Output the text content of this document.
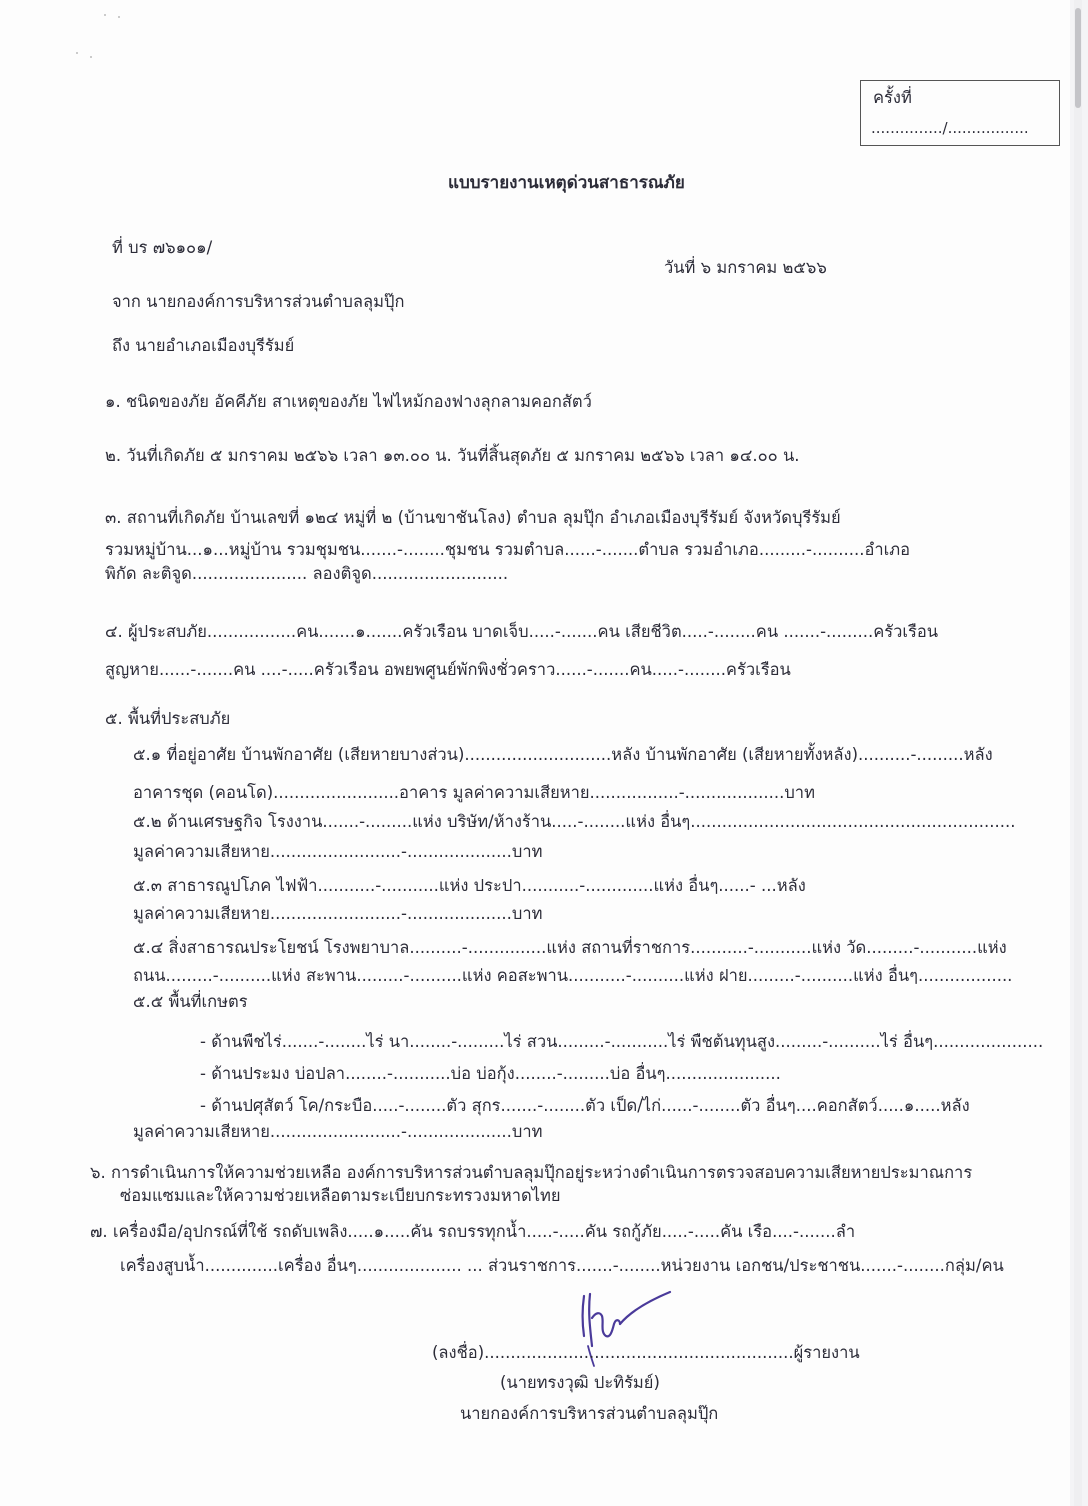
ครั้งที่
.............../.................
แบบรายงานเหตุด่วนสาธารณภัย
ที่ บร ๗๖๑๐๑/
วันที่ ๖ มกราคม ๒๕๖๖
จาก นายกองค์การบริหารส่วนตำบลลุมปุ๊ก
ถึง นายอำเภอเมืองบุรีรัมย์
๑. ชนิดของภัย อัคคีภัย สาเหตุของภัย ไฟไหม้กองฟางลุกลามคอกสัตว์
๒. วันที่เกิดภัย ๕ มกราคม ๒๕๖๖ เวลา ๑๓.๐๐ น. วันที่สิ้นสุดภัย ๕ มกราคม ๒๕๖๖ เวลา ๑๔.๐๐ น.
๓. สถานที่เกิดภัย บ้านเลขที่ ๑๒๔ หมู่ที่ ๒ (บ้านขาชันโลง) ตำบล ลุมปุ๊ก อำเภอเมืองบุรีรัมย์ จังหวัดบุรีรัมย์
รวมหมู่บ้าน...๑...หมู่บ้าน รวมชุมชน.......-........ชุมชน รวมตำบล......-.......ตำบล รวมอำเภอ.........-..........อำเภอ
พิกัด ละติจูด...................... ลองติจูด..........................
๔. ผู้ประสบภัย.................คน.......๑.......ครัวเรือน บาดเจ็บ.....-.......คน เสียชีวิต.....-........คน .......-.........ครัวเรือน
สูญหาย......-.......คน ....-.....ครัวเรือน อพยพศูนย์พักพิงชั่วคราว......-.......คน.....-........ครัวเรือน
๕. พื้นที่ประสบภัย
๕.๑ ที่อยู่อาศัย บ้านพักอาศัย (เสียหายบางส่วน)............................หลัง บ้านพักอาศัย (เสียหายทั้งหลัง)..........-.........หลัง
อาคารชุด (คอนโด)........................อาคาร มูลค่าความเสียหาย.................-...................บาท
๕.๒ ด้านเศรษฐกิจ โรงงาน.......-.........แห่ง บริษัท/ห้างร้าน.....-........แห่ง อื่นๆ..............................................................
มูลค่าความเสียหาย.........................-....................บาท
๕.๓ สาธารณูปโภค ไฟฟ้า...........-...........แห่ง ประปา...........-.............แห่ง อื่นๆ......- ...หลัง
มูลค่าความเสียหาย.........................-....................บาท
๕.๔ สิ่งสาธารณประโยชน์ โรงพยาบาล..........-...............แห่ง สถานที่ราชการ...........-...........แห่ง วัด.........-...........แห่ง
ถนน.........-..........แห่ง สะพาน.........-..........แห่ง คอสะพาน...........-..........แห่ง ฝาย.........-..........แห่ง อื่นๆ..................
๕.๕ พื้นที่เกษตร
- ด้านพืชไร่.......-........ไร่ นา........-.........ไร่ สวน.........-...........ไร่ พืชต้นทุนสูง.........-..........ไร่ อื่นๆ.....................
- ด้านประมง บ่อปลา........-...........บ่อ บ่อกุ้ง........-.........บ่อ อื่นๆ......................
- ด้านปศุสัตว์ โค/กระบือ.....-........ตัว สุกร.......-........ตัว เป็ด/ไก่......-........ตัว อื่นๆ....คอกสัตว์.....๑.....หลัง
มูลค่าความเสียหาย.........................-....................บาท
๖. การดำเนินการให้ความช่วยเหลือ องค์การบริหารส่วนตำบลลุมปุ๊กอยู่ระหว่างดำเนินการตรวจสอบความเสียหายประมาณการ
ซ่อมแซมและให้ความช่วยเหลือตามระเบียบกระทรวงมหาดไทย
๗. เครื่องมือ/อุปกรณ์ที่ใช้ รถดับเพลิง.....๑.....คัน รถบรรทุกน้ำ.....-.....คัน รถกู้ภัย.....-.....คัน เรือ....-.......ลำ
เครื่องสูบน้ำ..............เครื่อง อื่นๆ.................... ... ส่วนราชการ.......-........หน่วยงาน เอกชน/ประชาชน.......-........กลุ่ม/คน
(ลงชื่อ)...........................................................ผู้รายงาน
(นายทรงวุฒิ ปะทิรัมย์)
นายกองค์การบริหารส่วนตำบลลุมปุ๊ก
